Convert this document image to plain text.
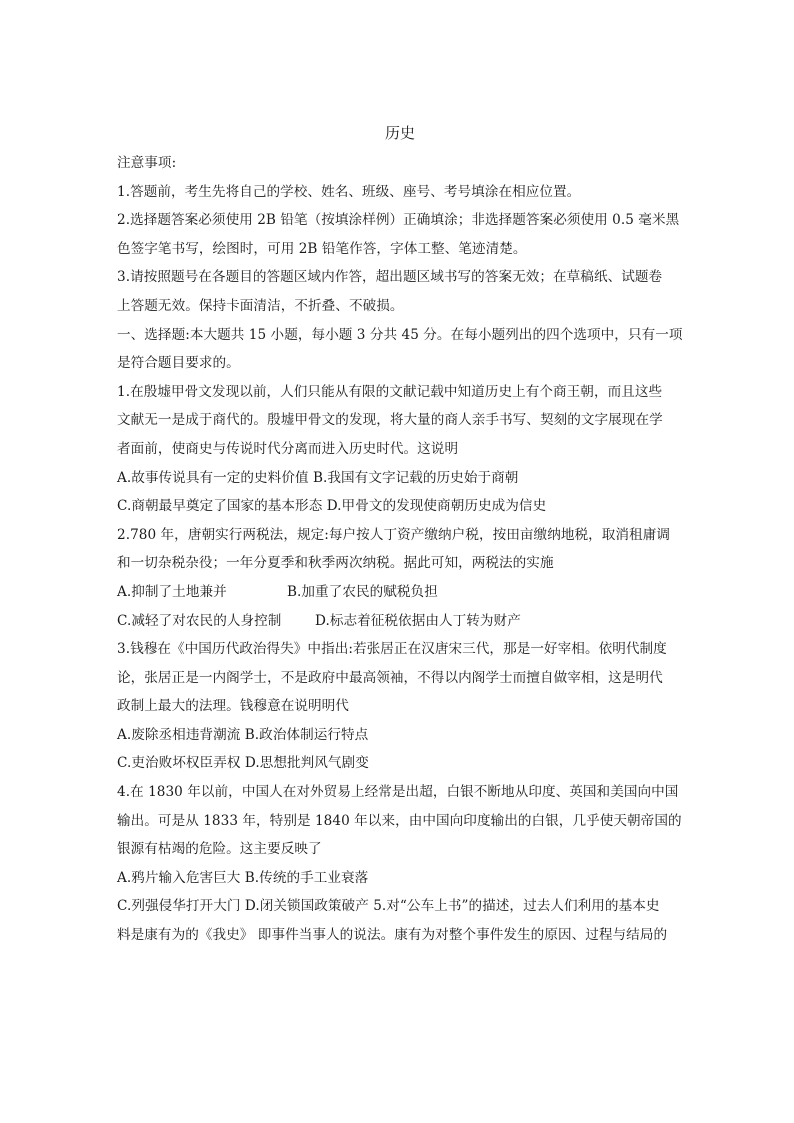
历史
注意事项:
1.答题前，考生先将自己的学校、姓名、班级、座号、考号填涂在相应位置。
2.选择题答案必须使用 2B 铅笔（按填涂样例）正确填涂；非选择题答案必须使用 0.5 毫米黑
色签字笔书写，绘图时，可用 2B 铅笔作答，字体工整、笔迹清楚。
3.请按照题号在各题目的答题区域内作答，超出题区域书写的答案无效；在草稿纸、试题卷
上答题无效。保持卡面清洁，不折叠、不破损。
一、选择题:本大题共 15 小题，每小题 3 分共 45 分。在每小题列出的四个选项中，只有一项
是符合题目要求的。
1.在殷墟甲骨文发现以前，人们只能从有限的文献记载中知道历史上有个商王朝，而且这些
文献无一是成于商代的。殷墟甲骨文的发现，将大量的商人亲手书写、契刻的文字展现在学
者面前，使商史与传说时代分离而进入历史时代。这说明
A.故事传说具有一定的史料价值 B.我国有文字记载的历史始于商朝
C.商朝最早奠定了国家的基本形态 D.甲骨文的发现使商朝历史成为信史
2.780 年，唐朝实行两税法，规定:每户按人丁资产缴纳户税，按田亩缴纳地税，取消租庸调
和一切杂税杂役；一年分夏季和秋季两次纳税。据此可知，两税法的实施
A.抑制了土地兼并	B.加重了农民的赋税负担
C.减轻了对农民的人身控制	D.标志着征税依据由人丁转为财产
3.钱穆在《中国历代政治得失》中指出:若张居正在汉唐宋三代，那是一好宰相。依明代制度
论，张居正是一内阁学士，不是政府中最高领袖，不得以内阁学士而擅自做宰相，这是明代
政制上最大的法理。钱穆意在说明明代
A.废除丞相违背潮流 B.政治体制运行特点
C.吏治败坏权臣弄权 D.思想批判风气剧变
4.在 1830 年以前，中国人在对外贸易上经常是出超，白银不断地从印度、英国和美国向中国
输出。可是从 1833 年，特别是 1840 年以来，由中国向印度输出的白银，几乎使天朝帝国的
银源有枯竭的危险。这主要反映了
A.鸦片输入危害巨大 B.传统的手工业衰落
C.列强侵华打开大门 D.闭关锁国政策破产 5.对“公车上书”的描述，过去人们利用的基本史
料是康有为的《我史》 即事件当事人的说法。康有为对整个事件发生的原因、过程与结局的
